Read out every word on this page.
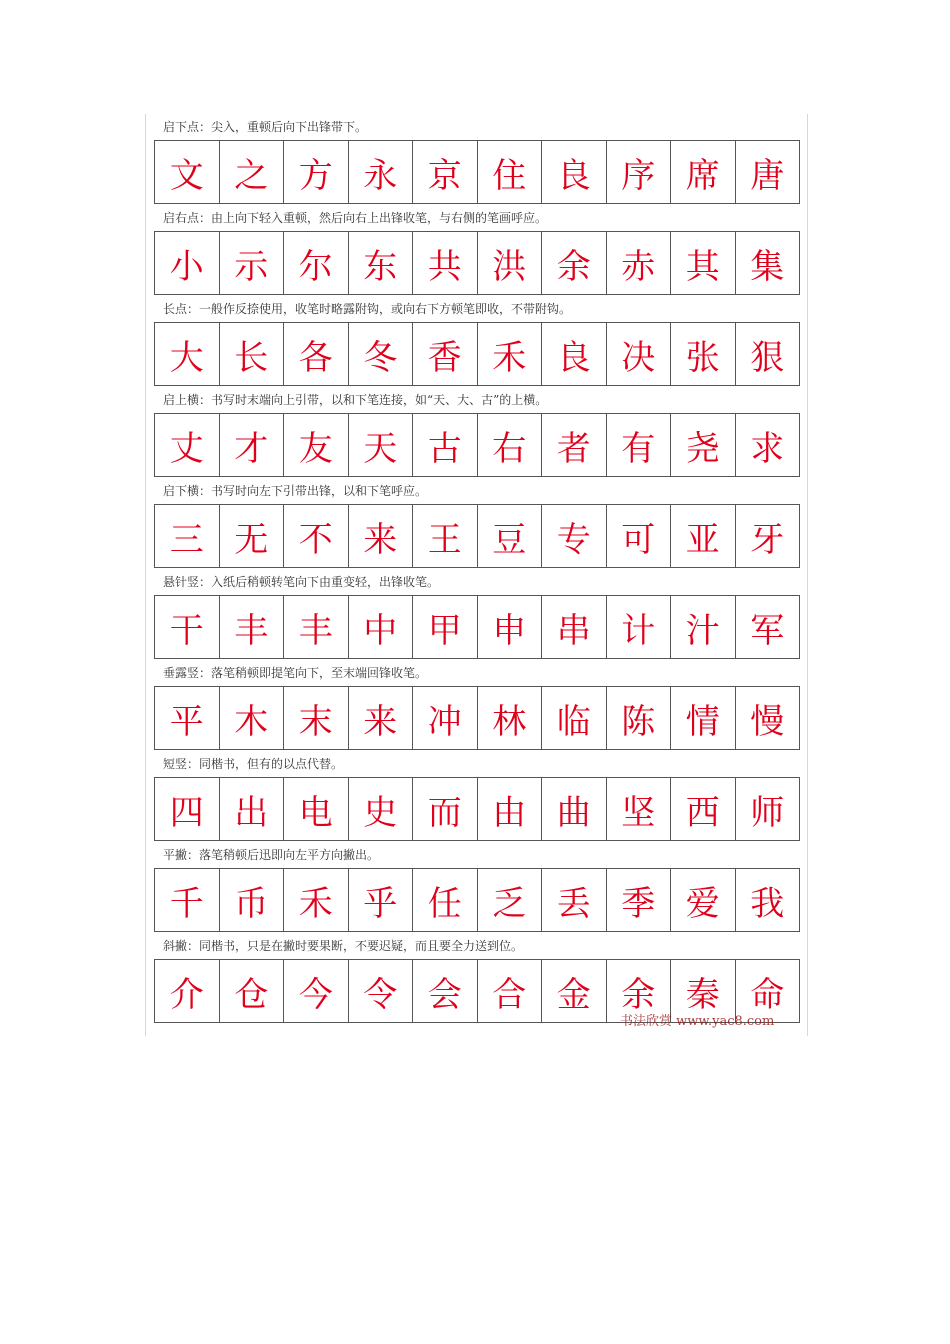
启下点：尖入，重顿后向下出锋带下。
文 之 方 永 京 住 良 序 席 唐
启右点：由上向下轻入重顿，然后向右上出锋收笔，与右侧的笔画呼应。
小 示 尔 东 共 洪 余 赤 其 集
长点：一般作反捺使用，收笔时略露附钩，或向右下方顿笔即收，不带附钩。
大 长 各 冬 香 禾 良 决 张 狠
启上横：书写时末端向上引带，以和下笔连接，如“天、大、古”的上横。
丈 才 友 天 古 右 者 有 尧 求
启下横：书写时向左下引带出锋，以和下笔呼应。
三 无 不 来 王 豆 专 可 亚 牙
悬针竖：入纸后稍顿转笔向下由重变轻，出锋收笔。
干 丰 丰 中 甲 申 串 计 汁 军
垂露竖：落笔稍顿即提笔向下，至末端回锋收笔。
平 木 末 来 冲 林 临 陈 情 慢
短竖：同楷书，但有的以点代替。
四 出 电 史 而 由 曲 坚 西 师
平撇：落笔稍顿后迅即向左平方向撇出。
千 币 禾 乎 任 乏 丢 季 爱 我
斜撇：同楷书，只是在撇时要果断，不要迟疑，而且要全力送到位。
介 仓 今 令 会 合 金 余 秦 命
书法欣赏 www.yac8.com
